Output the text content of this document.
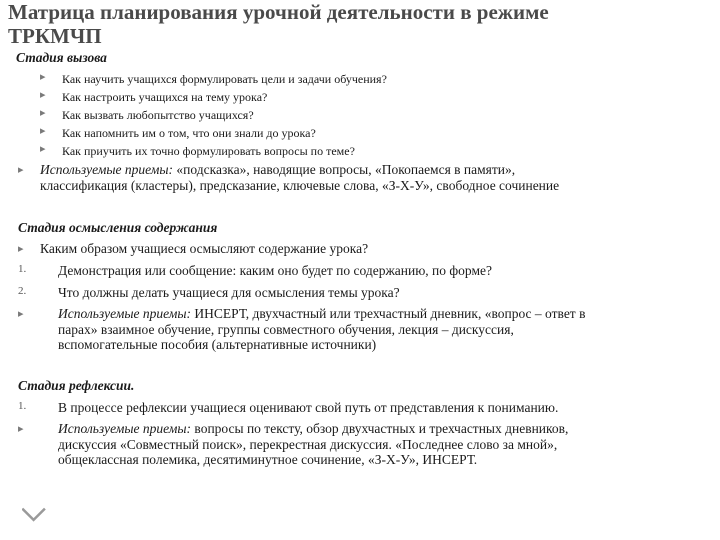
Матрица планирования урочной деятельности в режиме
ТРКМЧП

Стадия вызова

▸ Как научить учащихся формулировать цели и задачи обучения?
▸ Как настроить учащихся на тему урока?
▸ Как вызвать любопытство учащихся?
▸ Как напомнить им о том, что они знали до урока?
▸ Как приучить их точно формулировать вопросы по теме?
▸ Используемые приемы: «подсказка», наводящие вопросы, «Покопаемся в памяти»,
классификация (кластеры), предсказание, ключевые слова, «З-Х-У», свободное сочинение

Стадия осмысления содержания

▸ Каким образом учащиеся осмысляют содержание урока?
1. Демонстрация или сообщение: каким оно будет по содержанию, по форме?
2. Что должны делать учащиеся для осмысления темы урока?
▸	Используемые приемы: ИНСЕРТ, двухчастный или трехчастный дневник, «вопрос – ответ в
парах» взаимное обучение, группы совместного обучения, лекция – дискуссия,
вспомогательные пособия (альтернативные источники)

Стадия рефлексии.

1. В процессе рефлексии учащиеся оценивают свой путь от представления к пониманию.
▸	Используемые приемы: вопросы по тексту, обзор двухчастных и трехчастных дневников,
дискуссия «Совместный поиск», перекрестная дискуссия. «Последнее слово за мной»,
общеклассная полемика, десятиминутное сочинение, «З-Х-У», ИНСЕРТ.
